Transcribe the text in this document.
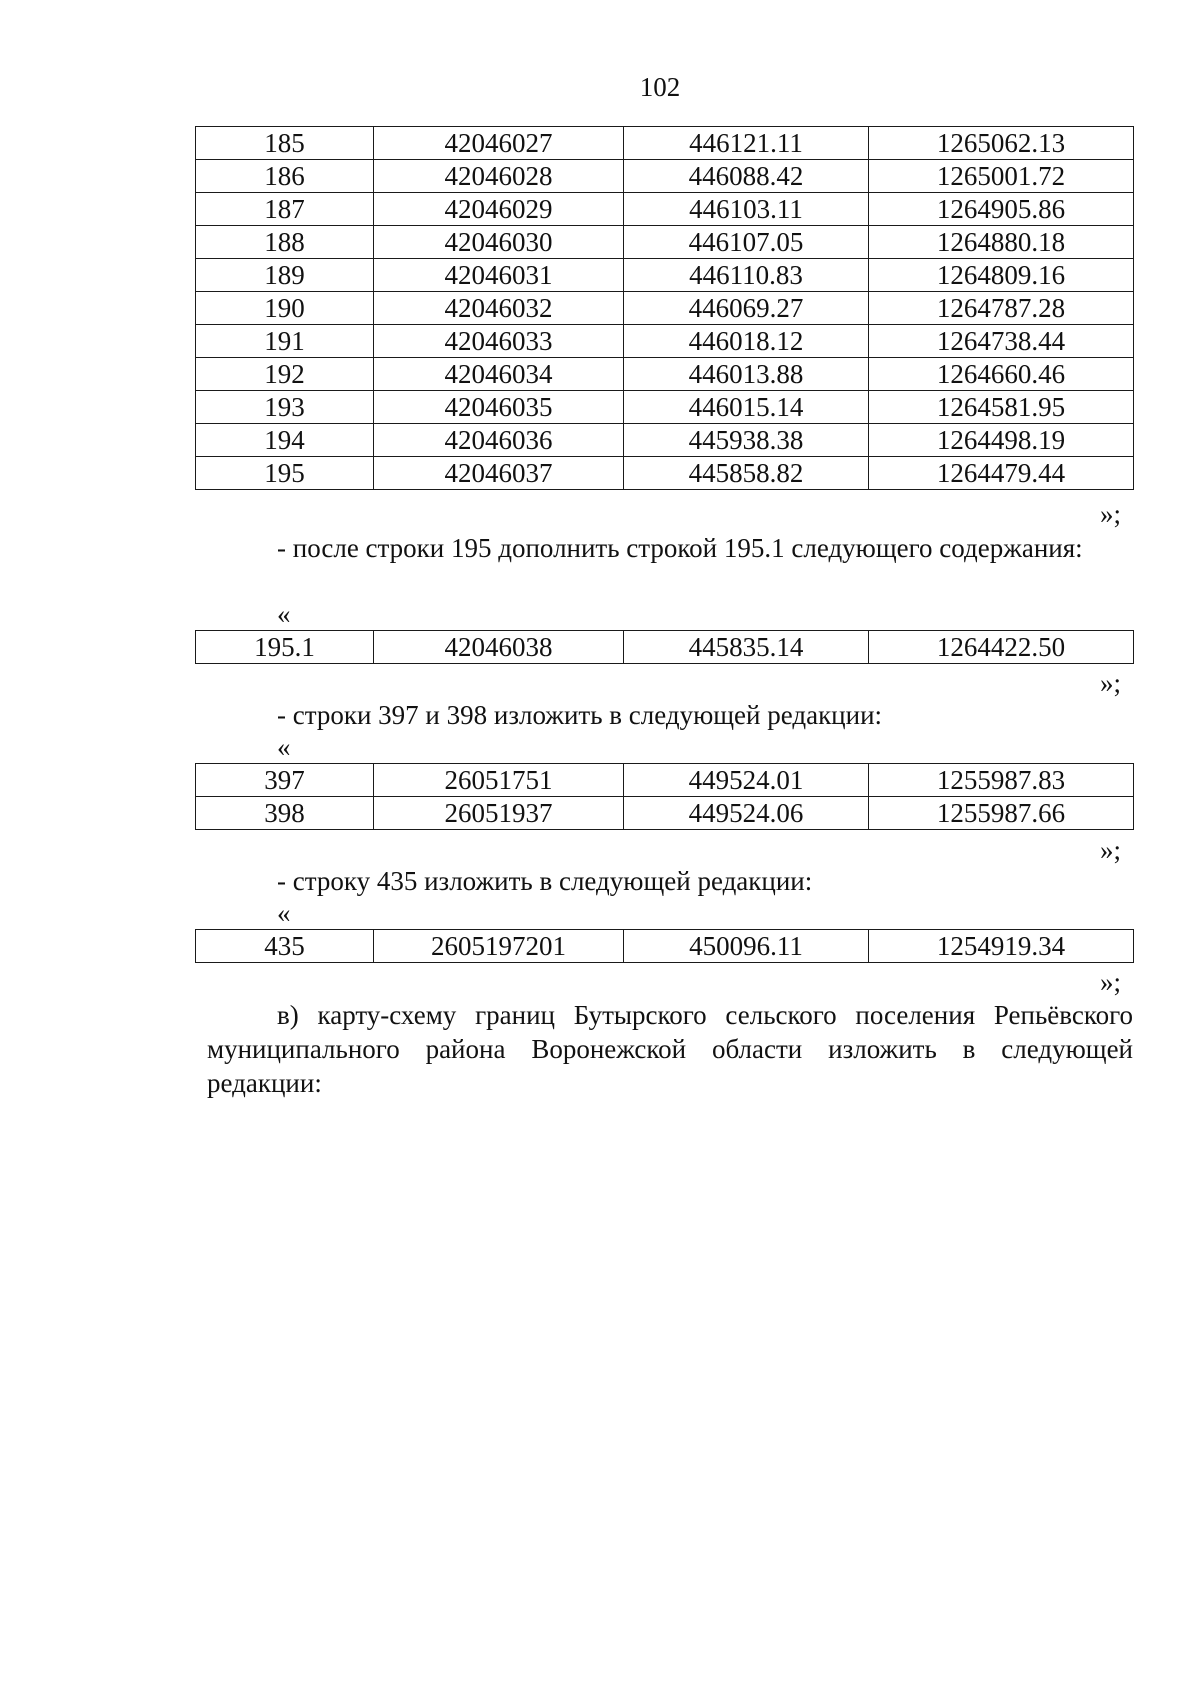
102
185	42046027	446121.11	1265062.13
186	42046028	446088.42	1265001.72
187	42046029	446103.11	1264905.86
188	42046030	446107.05	1264880.18
189	42046031	446110.83	1264809.16
190	42046032	446069.27	1264787.28
191	42046033	446018.12	1264738.44
192	42046034	446013.88	1264660.46
193	42046035	446015.14	1264581.95
194	42046036	445938.38	1264498.19
195	42046037	445858.82	1264479.44
»;
- после строки 195 дополнить строкой 195.1 следующего содержания:
«
195.1	42046038	445835.14	1264422.50
»;
- строки 397 и 398 изложить в следующей редакции:
«
397	26051751	449524.01	1255987.83
398	26051937	449524.06	1255987.66
»;
- строку 435 изложить в следующей редакции:
«
435	2605197201	450096.11	1254919.34
»;
в) карту-схему границ Бутырского сельского поселения Репьёвского муниципального района Воронежской области изложить в следующей редакции:
